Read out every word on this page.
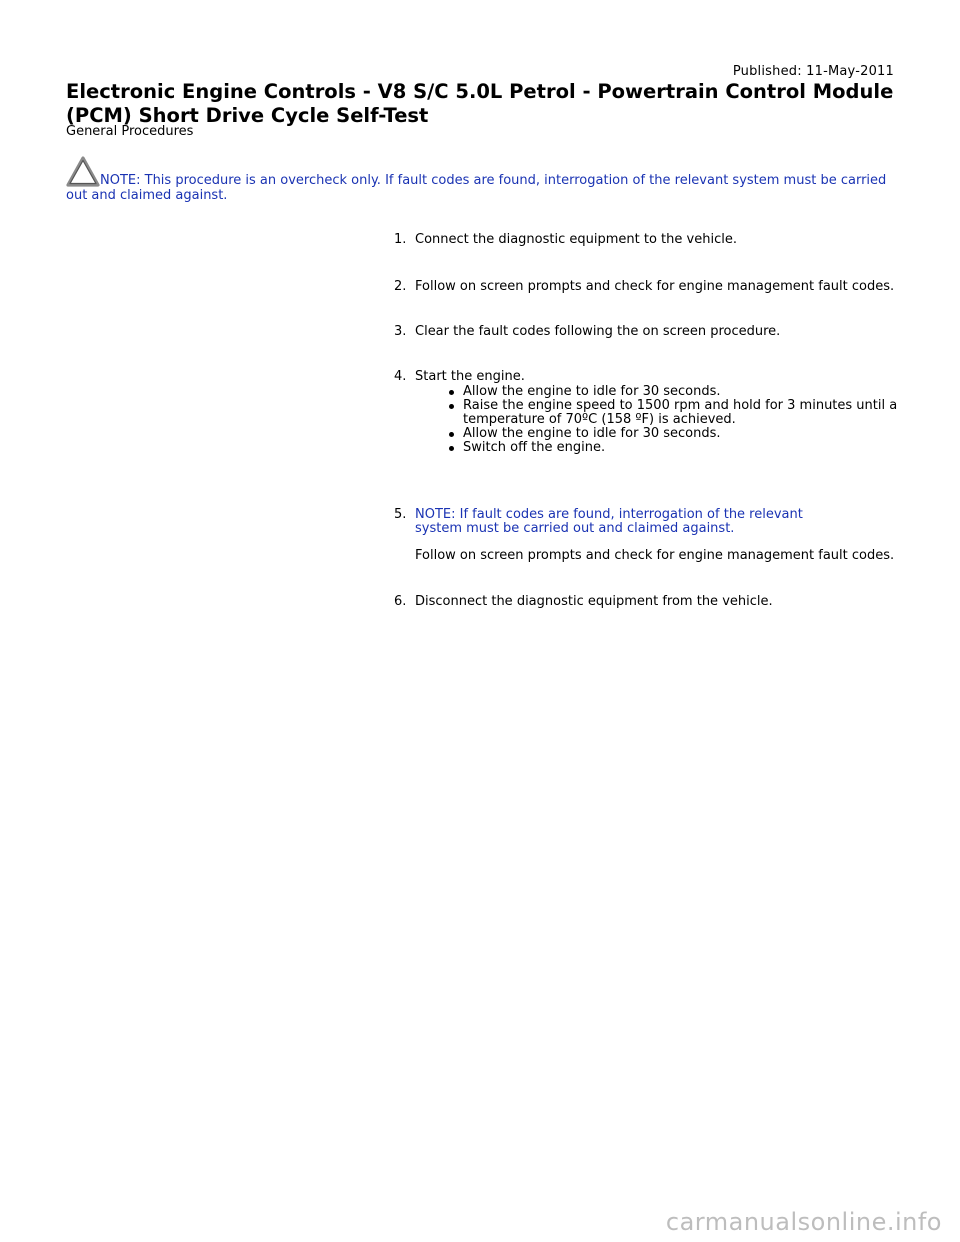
Published: 11-May-2011
Electronic Engine Controls - V8 S/C 5.0L Petrol - Powertrain Control Module (PCM) Short Drive Cycle Self-Test
General Procedures
NOTE: This procedure is an overcheck only. If fault codes are found, interrogation of the relevant system must be carried out and claimed against.
1. Connect the diagnostic equipment to the vehicle.
2. Follow on screen prompts and check for engine management fault codes.
3. Clear the fault codes following the on screen procedure.
4. Start the engine.
Allow the engine to idle for 30 seconds.
Raise the engine speed to 1500 rpm and hold for 3 minutes until a temperature of 70ºC (158 ºF) is achieved.
Allow the engine to idle for 30 seconds.
Switch off the engine.
5. NOTE: If fault codes are found, interrogation of the relevant system must be carried out and claimed against.
Follow on screen prompts and check for engine management fault codes.
6. Disconnect the diagnostic equipment from the vehicle.
carmanualsonline.info
